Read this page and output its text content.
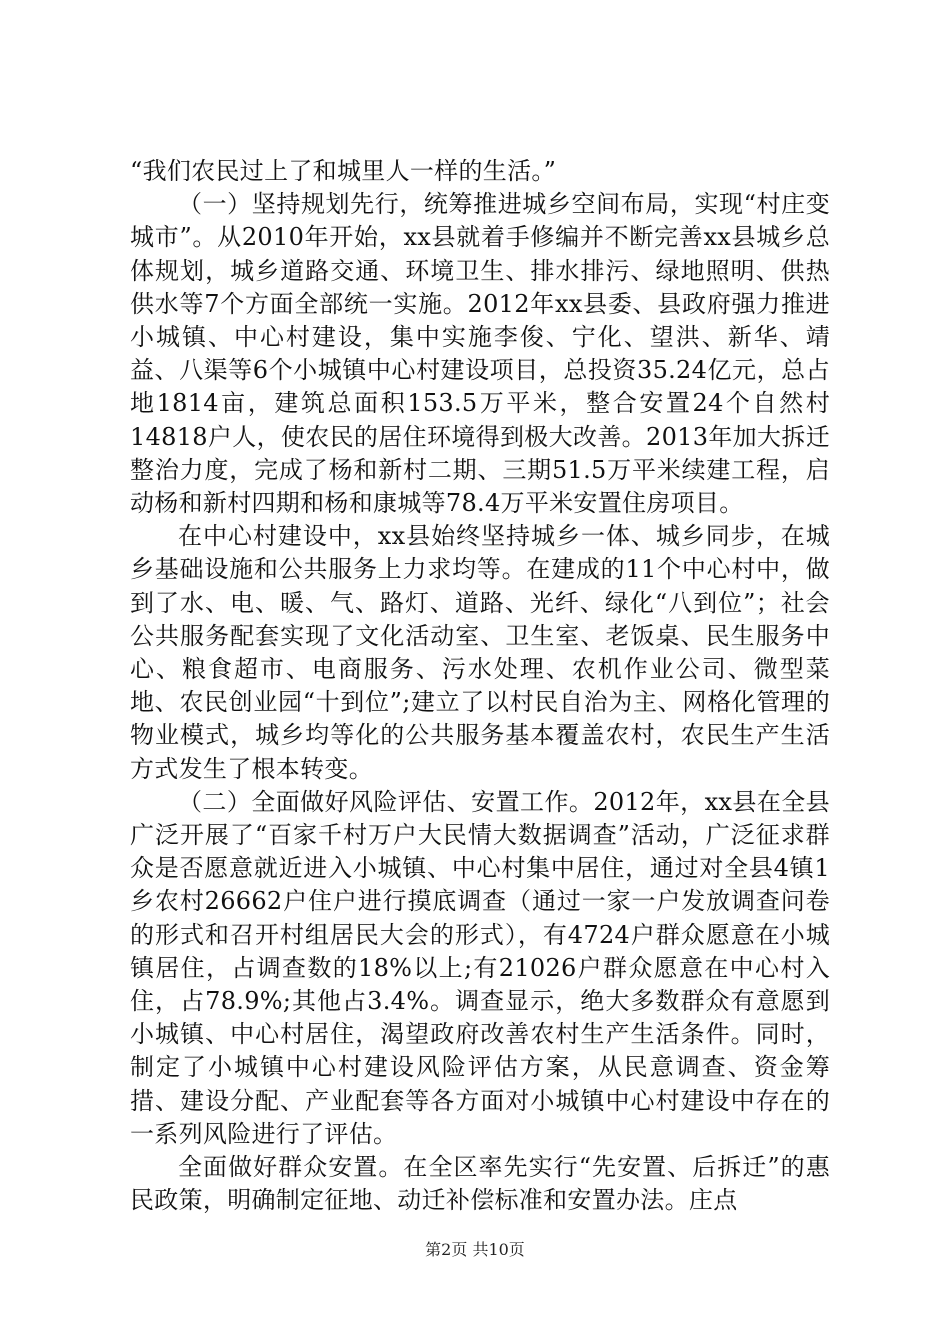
“我们农民过上了和城里人一样的生活。”

（一）坚持规划先行，统筹推进城乡空间布局，实现“村庄变城市”。从2010年开始，xx县就着手修编并不断完善xx县城乡总体规划，城乡道路交通、环境卫生、排水排污、绿地照明、供热供水等7个方面全部统一实施。2012年xx县委、县政府强力推进小城镇、中心村建设，集中实施李俊、宁化、望洪、新华、靖益、八渠等6个小城镇中心村建设项目，总投资35.24亿元，总占地1814亩，建筑总面积153.5万平米，整合安置24个自然村14818户人，使农民的居住环境得到极大改善。2013年加大拆迁整治力度，完成了杨和新村二期、三期51.5万平米续建工程，启动杨和新村四期和杨和康城等78.4万平米安置住房项目。

在中心村建设中，xx县始终坚持城乡一体、城乡同步，在城乡基础设施和公共服务上力求均等。在建成的11个中心村中，做到了水、电、暖、气、路灯、道路、光纤、绿化“八到位”；社会公共服务配套实现了文化活动室、卫生室、老饭桌、民生服务中心、粮食超市、电商服务、污水处理、农机作业公司、微型菜地、农民创业园“十到位”;建立了以村民自治为主、网格化管理的物业模式，城乡均等化的公共服务基本覆盖农村，农民生产生活方式发生了根本转变。

（二）全面做好风险评估、安置工作。2012年，xx县在全县广泛开展了“百家千村万户大民情大数据调查”活动，广泛征求群众是否愿意就近进入小城镇、中心村集中居住，通过对全县4镇1乡农村26662户住户进行摸底调查（通过一家一户发放调查问卷的形式和召开村组居民大会的形式），有4724户群众愿意在小城镇居住，占调查数的18%以上;有21026户群众愿意在中心村入住，占78.9%;其他占3.4%。调查显示，绝大多数群众有意愿到小城镇、中心村居住，渴望政府改善农村生产生活条件。同时，制定了小城镇中心村建设风险评估方案，从民意调查、资金筹措、建设分配、产业配套等各方面对小城镇中心村建设中存在的一系列风险进行了评估。

全面做好群众安置。在全区率先实行“先安置、后拆迁”的惠民政策，明确制定征地、动迁补偿标准和安置办法。庄点

第2页 共10页
